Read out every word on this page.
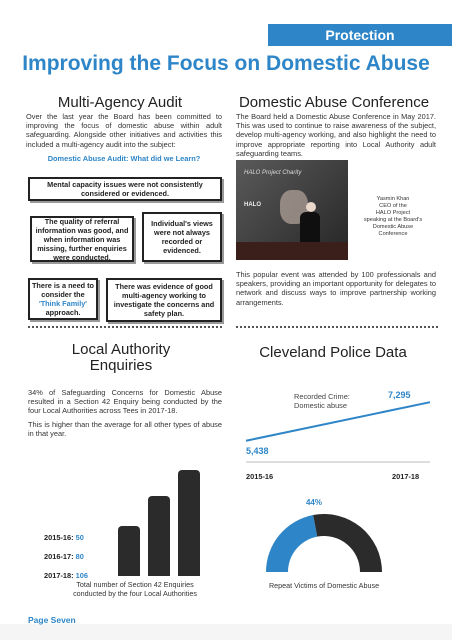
Protection
Improving the Focus on Domestic Abuse
Multi-Agency Audit
Over the last year the Board has been committed to improving the focus of domestic abuse within adult safeguarding. Alongside other initiatives and activities this included a multi-agency audit into the subject:
Domestic Abuse Audit: What did we Learn?
Mental capacity issues were not consistently considered or evidenced.
The quality of referral information was good, and when information was missing, further enquiries were conducted.
Individual's views were not always recorded or evidenced.
There is a need to consider the 'Think Family' approach.
There was evidence of good multi-agency working to investigate the concerns and safety plan.
Domestic Abuse Conference
The Board held a Domestic Abuse Conference in May 2017. This was used to continue to raise awareness of the subject, develop multi-agency working, and also highlight the need to improve appropriate reporting into Local Authority adult safeguarding teams.
HALO Project Charity
HALO
Yasmin Khan
CEO of the
HALO Project
speaking at the Board's
Domestic Abuse
Conference
This popular event was attended by 100 professionals and speakers, providing an important opportunity for delegates to network and discuss ways to improve partnership working arrangements.
Local Authority
Enquiries
34% of Safeguarding Concerns for Domestic Abuse resulted in a Section 42 Enquiry being conducted by the four Local Authorities across Tees in 2017-18.
This is higher than the average for all other types of abuse in that year.
2015-16: 50
2016-17: 80
2017-18: 106
Total number of Section 42 Enquiries
conducted by the four Local Authorities
Cleveland Police Data
Recorded Crime:
Domestic abuse
7,295
5,438
2015-16	2017-18
44%
Repeat Victims of Domestic Abuse
Page Seven
